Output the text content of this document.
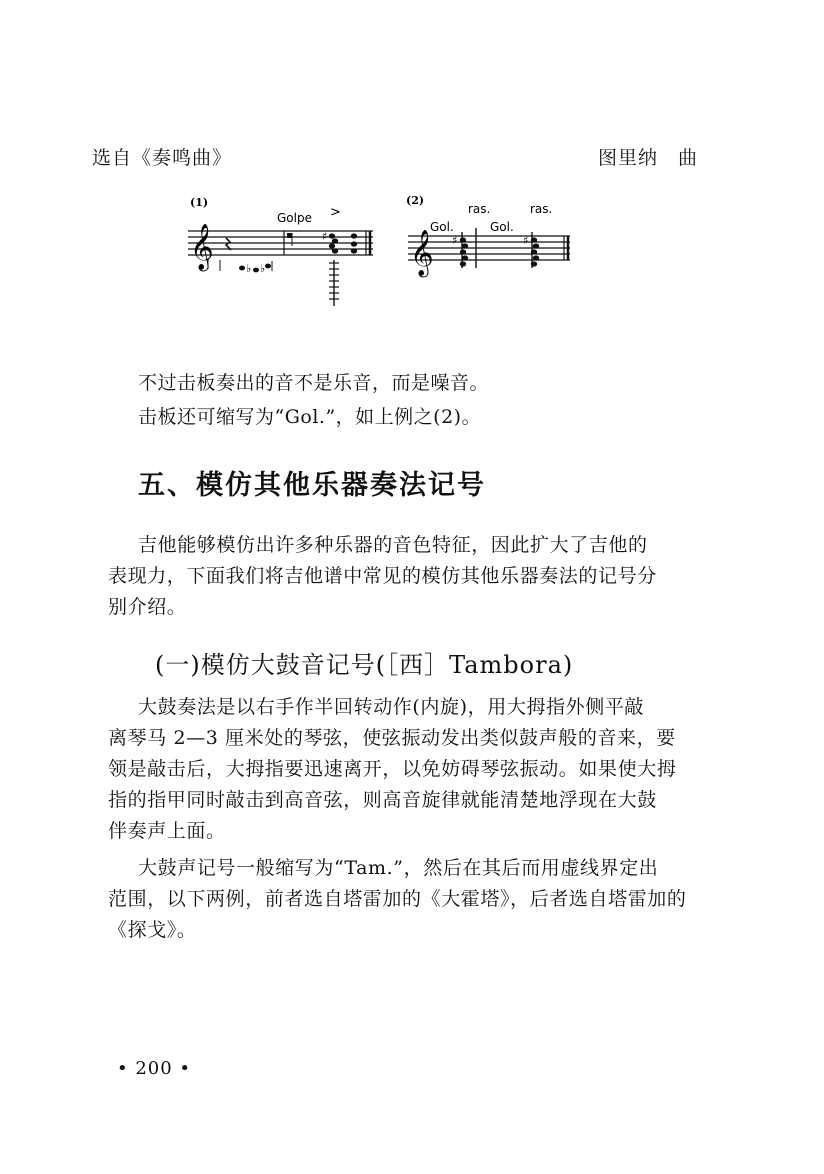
选自《奏鸣曲》	图里纳　曲
(1)
Golpe
𝄞	♭ ♭
♯
>
(2)
Gol.
ras.
Gol.
ras.
𝄞 ♯	♯
不过击板奏出的音不是乐音，而是噪音。
击板还可缩写为“Gol.”，如上例之(2)。
五、模仿其他乐器奏法记号
吉他能够模仿出许多种乐器的音色特征，因此扩大了吉他的
表现力，下面我们将吉他谱中常见的模仿其他乐器奏法的记号分
别介绍。
(一)模仿大鼓音记号(［西］Tambora)
大鼓奏法是以右手作半回转动作(内旋)，用大拇指外侧平敲
离琴马 2—3 厘米处的琴弦，使弦振动发出类似鼓声般的音来，要
领是敲击后，大拇指要迅速离开，以免妨碍琴弦振动。如果使大拇
指的指甲同时敲击到高音弦，则高音旋律就能清楚地浮现在大鼓
伴奏声上面。
大鼓声记号一般缩写为“Tam.”，然后在其后而用虚线界定出
范围，以下两例，前者选自塔雷加的《大霍塔》，后者选自塔雷加的
《探戈》。
• 200 •
